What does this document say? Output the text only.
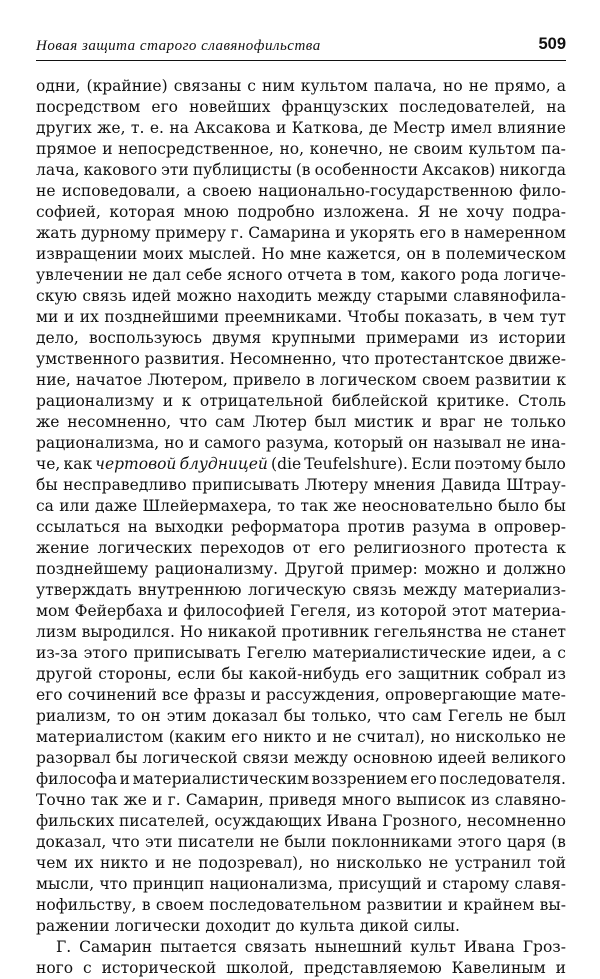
Новая защита старого славянофильства	509
одни, (крайние) связаны с ним культом палача, но не прямо, а
посредством его новейших французских последователей, на
других же, т. е. на Аксакова и Каткова, де Местр имел влияние
прямое и непосредственное, но, конечно, не своим культом па-
лача, какового эти публицисты (в особенности Аксаков) никогда
не исповедовали, а своею национально-государственною фило-
софией, которая мною подробно изложена. Я не хочу подра-
жать дурному примеру г. Самарина и укорять его в намеренном
извращении моих мыслей. Но мне кажется, он в полемическом
увлечении не дал себе ясного отчета в том, какого рода логиче-
скую связь идей можно находить между старыми славянофила-
ми и их позднейшими преемниками. Чтобы показать, в чем тут
дело, воспользуюсь двумя крупными примерами из истории
умственного развития. Несомненно, что протестантское движе-
ние, начатое Лютером, привело в логическом своем развитии к
рационализму и к отрицательной библейской критике. Столь
же несомненно, что сам Лютер был мистик и враг не только
рационализма, но и самого разума, который он называл не ина-
че, как чертовой блудницей (die Teufelshure). Если поэтому было
бы несправедливо приписывать Лютеру мнения Давида Штрау-
са или даже Шлейермахера, то так же неосновательно было бы
ссылаться на выходки реформатора против разума в опровер-
жение логических переходов от его религиозного протеста к
позднейшему рационализму. Другой пример: можно и должно
утверждать внутреннюю логическую связь между материализ-
мом Фейербаха и философией Гегеля, из которой этот материа-
лизм выродился. Но никакой противник гегельянства не станет
из-за этого приписывать Гегелю материалистические идеи, а с
другой стороны, если бы какой-нибудь его защитник собрал из
его сочинений все фразы и рассуждения, опровергающие мате-
риализм, то он этим доказал бы только, что сам Гегель не был
материалистом (каким его никто и не считал), но нисколько не
разорвал бы логической связи между основною идеей великого
философа и материалистическим воззрением его последователя.
Точно так же и г. Самарин, приведя много выписок из славяно-
фильских писателей, осуждающих Ивана Грозного, несомненно
доказал, что эти писатели не были поклонниками этого царя (в
чем их никто и не подозревал), но нисколько не устранил той
мысли, что принцип национализма, присущий и старому славя-
нофильству, в своем последовательном развитии и крайнем вы-
ражении логически доходит до культа дикой силы.
Г. Самарин пытается связать нынешний культ Ивана Гроз-
ного с исторической школой, представляемою Кавелиным и
